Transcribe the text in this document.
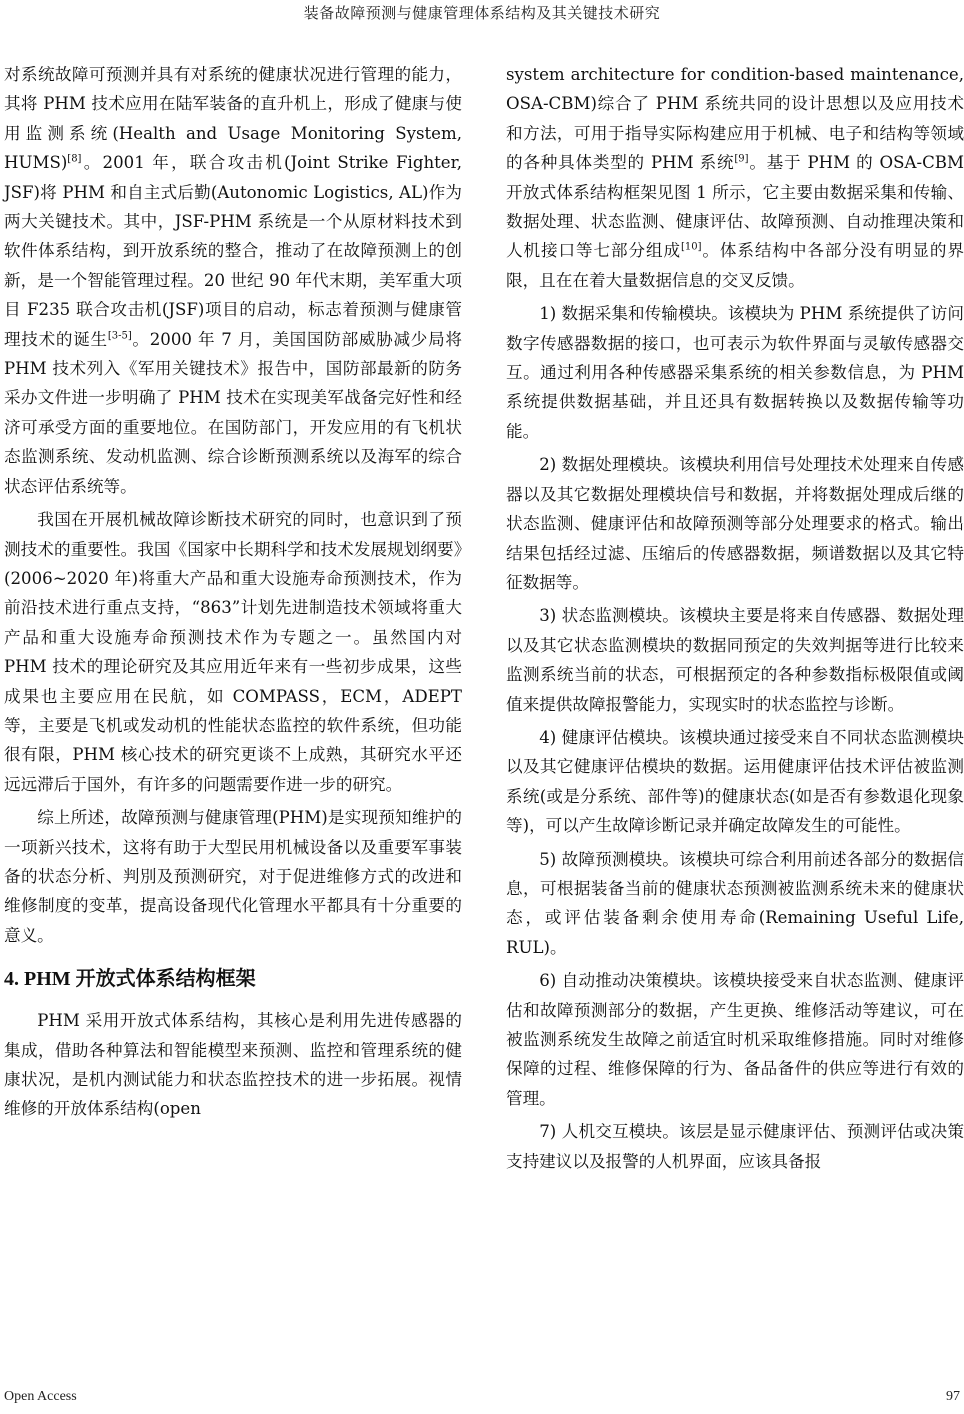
装备故障预测与健康管理体系结构及其关键技术研究

对系统故障可预测并具有对系统的健康状况进行管理的能力，其将 PHM 技术应用在陆军装备的直升机上，形成了健康与使用监测系统(Health and Usage Monitoring System, HUMS)[8]。2001 年，联合攻击机(Joint Strike Fighter, JSF)将 PHM 和自主式后勤(Autonomic Logistics, AL)作为两大关键技术。其中，JSF-PHM 系统是一个从原材料技术到软件体系结构，到开放系统的整合，推动了在故障预测上的创新，是一个智能管理过程。20 世纪 90 年代末期，美军重大项目 F235 联合攻击机(JSF)项目的启动，标志着预测与健康管理技术的诞生[3-5]。2000 年 7 月，美国国防部威胁减少局将 PHM 技术列入《军用关键技术》报告中，国防部最新的防务采办文件进一步明确了 PHM 技术在实现美军战备完好性和经济可承受方面的重要地位。在国防部门，开发应用的有飞机状态监测系统、发动机监测、综合诊断预测系统以及海军的综合状态评估系统等。

我国在开展机械故障诊断技术研究的同时，也意识到了预测技术的重要性。我国《国家中长期科学和技术发展规划纲要》(2006~2020 年)将重大产品和重大设施寿命预测技术，作为前沿技术进行重点支持，“863”计划先进制造技术领域将重大产品和重大设施寿命预测技术作为专题之一。虽然国内对 PHM 技术的理论研究及其应用近年来有一些初步成果，这些成果也主要应用在民航，如 COMPASS，ECM，ADEPT 等，主要是飞机或发动机的性能状态监控的软件系统，但功能很有限，PHM 核心技术的研究更谈不上成熟，其研究水平还远远滞后于国外，有许多的问题需要作进一步的研究。

综上所述，故障预测与健康管理(PHM)是实现预知维护的一项新兴技术，这将有助于大型民用机械设备以及重要军事装备的状态分析、判別及预测研究，对于促进维修方式的改进和维修制度的变革，提高设备现代化管理水平都具有十分重要的意义。

4. PHM 开放式体系结构框架

PHM 采用开放式体系结构，其核心是利用先进传感器的集成，借助各种算法和智能模型来预测、监控和管理系统的健康状况，是机内测试能力和状态监控技术的进一步拓展。视情维修的开放体系结构(open

system architecture for condition-based maintenance, OSA-CBM)综合了 PHM 系统共同的设计思想以及应用技术和方法，可用于指导实际构建应用于机械、电子和结构等领域的各种具体类型的 PHM 系统[9]。基于 PHM 的 OSA-CBM 开放式体系结构框架见图 1 所示，它主要由数据采集和传输、数据处理、状态监测、健康评估、故障预测、自动推理决策和人机接口等七部分组成[10]。体系结构中各部分没有明显的界限，且在在着大量数据信息的交叉反馈。

1) 数据采集和传输模块。该模块为 PHM 系统提供了访问数字传感器数据的接口，也可表示为软件界面与灵敏传感器交互。通过利用各种传感器采集系统的相关参数信息，为 PHM 系统提供数据基础，并且还具有数据转换以及数据传输等功能。

2) 数据处理模块。该模块利用信号处理技术处理来自传感器以及其它数据处理模块信号和数据，并将数据处理成后继的状态监测、健康评估和故障预测等部分处理要求的格式。输出结果包括经过滤、压缩后的传感器数据，频谱数据以及其它特征数据等。

3) 状态监测模块。该模块主要是将来自传感器、数据处理以及其它状态监测模块的数据同预定的失效判据等进行比较来监测系统当前的状态，可根据预定的各种参数指标极限值或阈值来提供故障报警能力，实现实时的状态监控与诊断。

4) 健康评估模块。该模块通过接受来自不同状态监测模块以及其它健康评估模块的数据。运用健康评估技术评估被监测系统(或是分系统、部件等)的健康状态(如是否有参数退化现象等)，可以产生故障诊断记录并确定故障发生的可能性。

5) 故障预测模块。该模块可综合利用前述各部分的数据信息，可根据装备当前的健康状态预测被监测系统未来的健康状态，或评估装备剩余使用寿命(Remaining Useful Life, RUL)。

6) 自动推动决策模块。该模块接受来自状态监测、健康评估和故障预测部分的数据，产生更换、维修活动等建议，可在被监测系统发生故障之前适宜时机采取维修措施。同时对维修保障的过程、维修保障的行为、备品备件的供应等进行有效的管理。

7) 人机交互模块。该层是显示健康评估、预测评估或决策支持建议以及报警的人机界面，应该具备报

Open Access	97
